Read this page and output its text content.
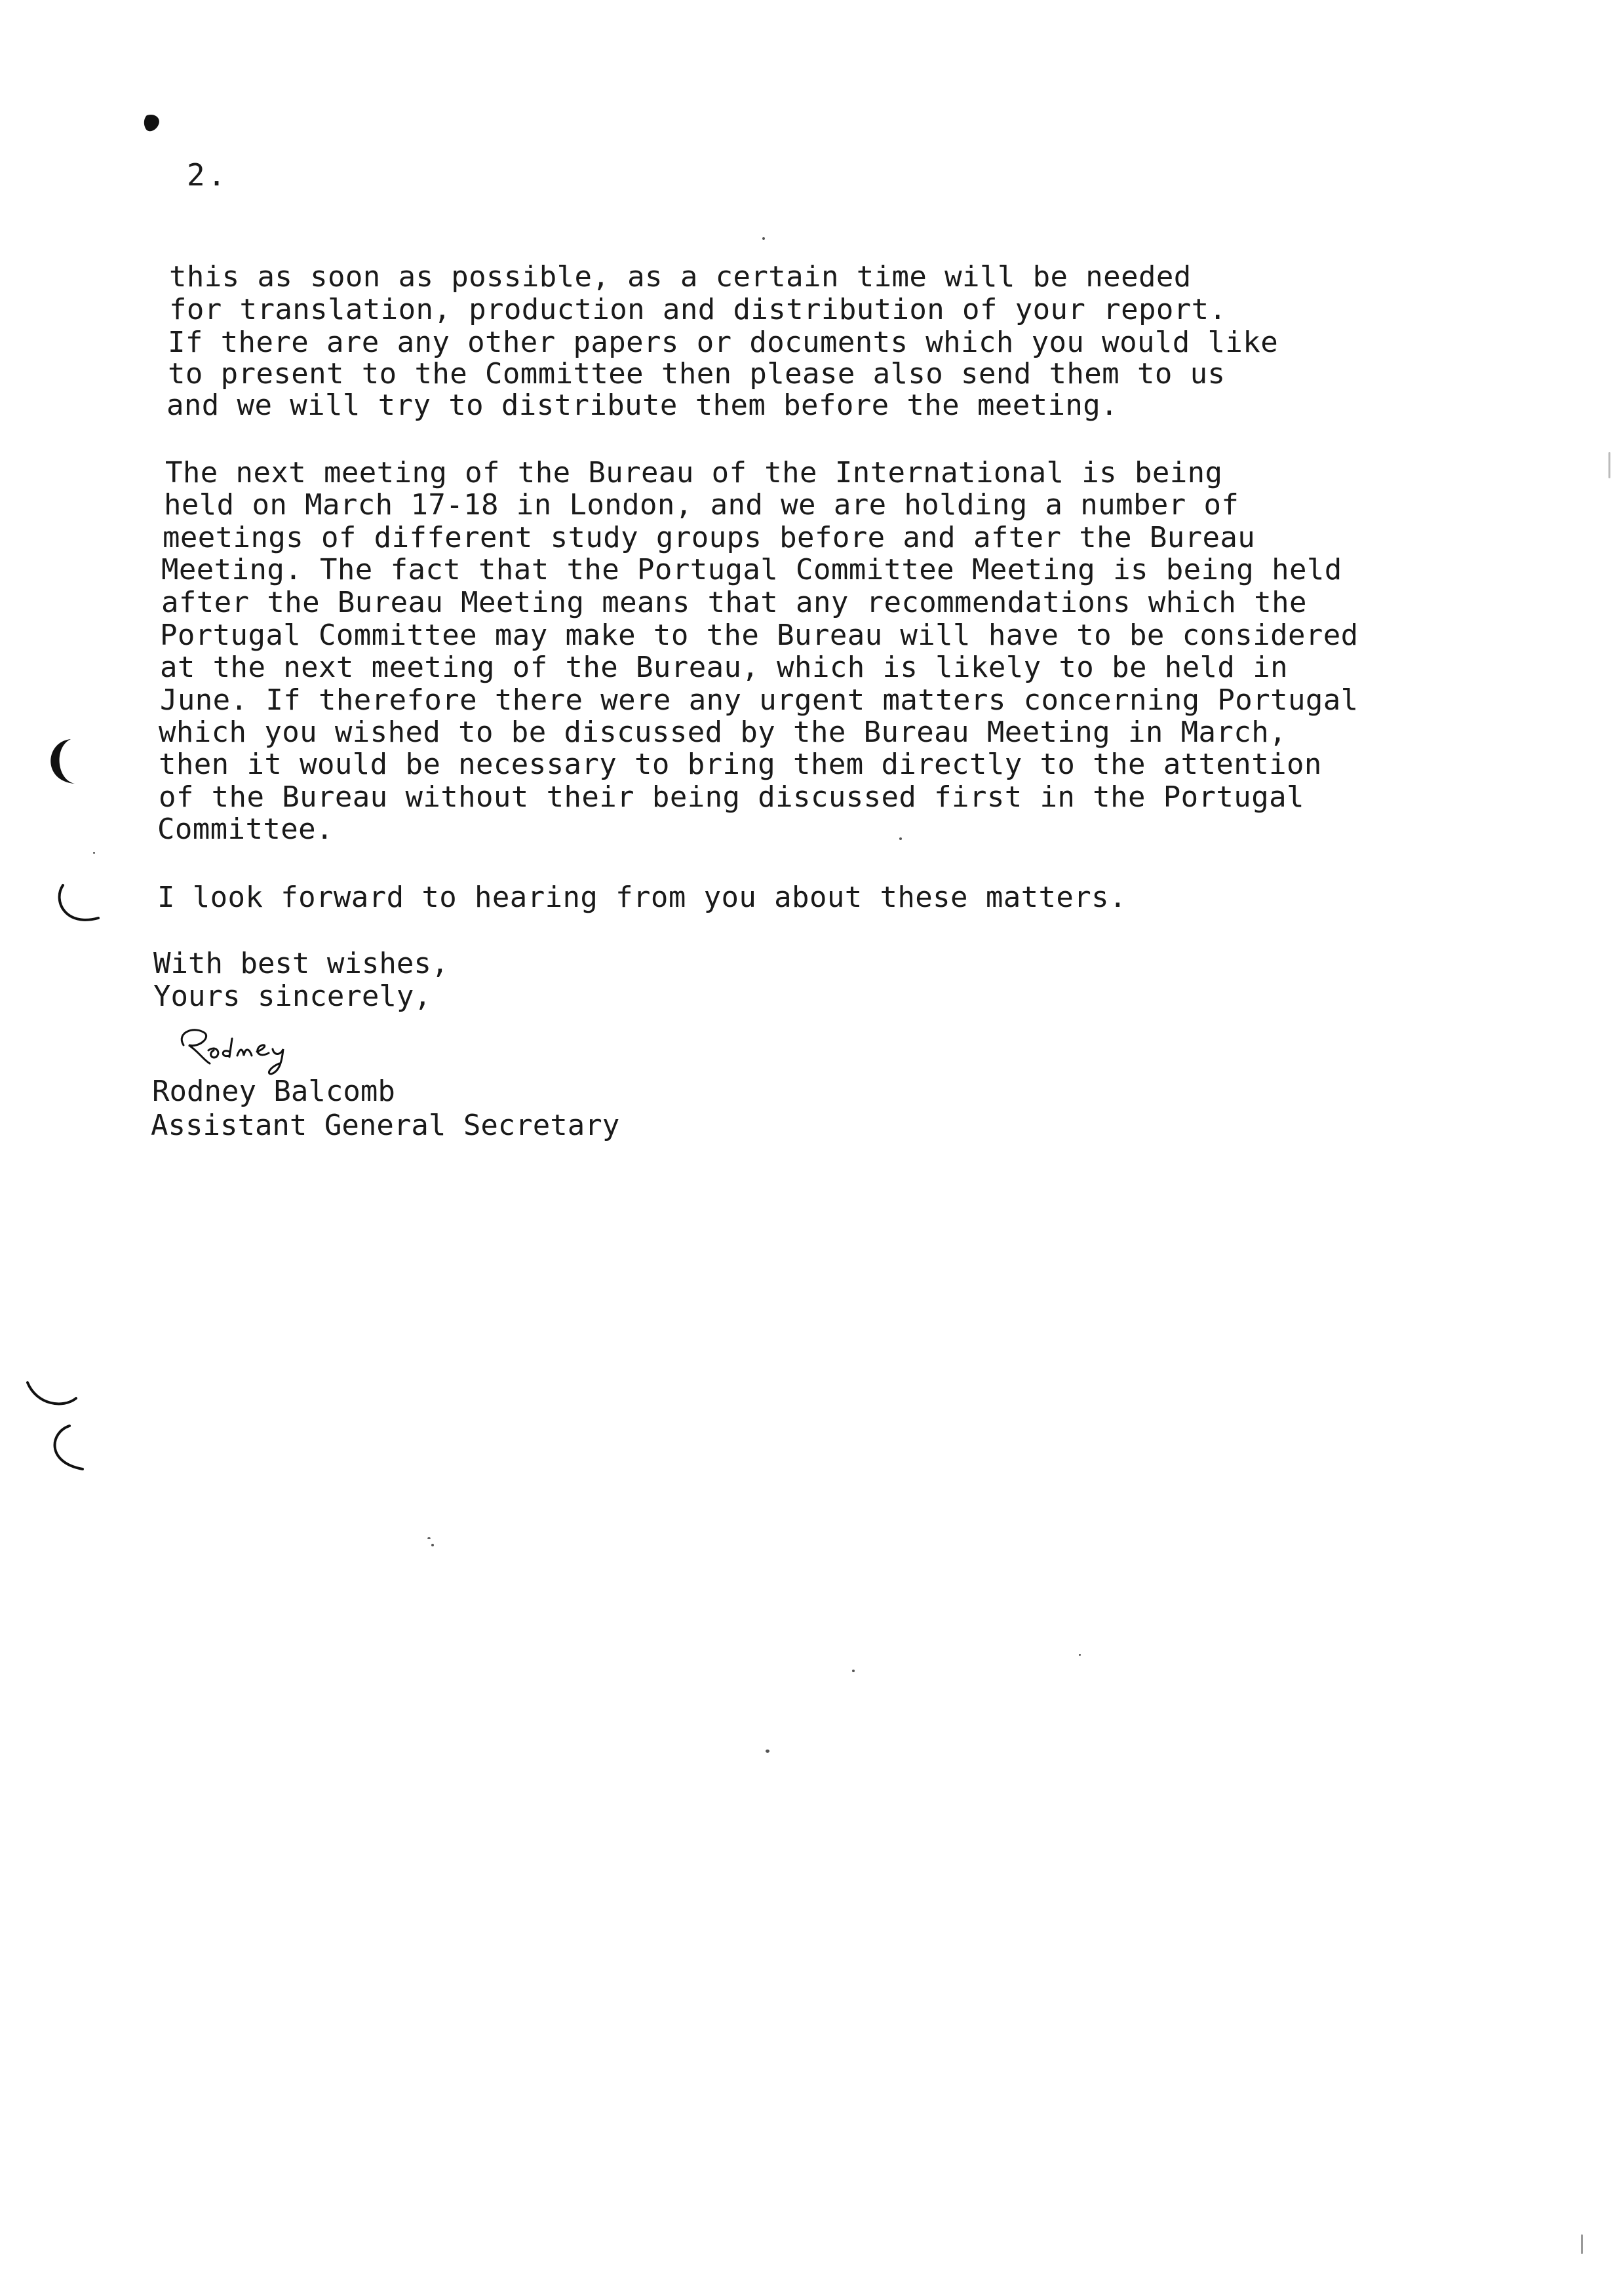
2.
this as soon as possible, as a certain time will be needed
for translation, production and distribution of your report.
If there are any other papers or documents which you would like
to present to the Committee then please also send them to us
and we will try to distribute them before the meeting.
The next meeting of the Bureau of the International is being
held on March 17-18 in London, and we are holding a number of
meetings of different study groups before and after the Bureau
Meeting. The fact that the Portugal Committee Meeting is being held
after the Bureau Meeting means that any recommendations which the
Portugal Committee may make to the Bureau will have to be considered
at the next meeting of the Bureau, which is likely to be held in
June. If therefore there were any urgent matters concerning Portugal
which you wished to be discussed by the Bureau Meeting in March,
then it would be necessary to bring them directly to the attention
of the Bureau without their being discussed first in the Portugal
Committee.
I look forward to hearing from you about these matters.
With best wishes,
Yours sincerely,
Rodney Balcomb
Assistant General Secretary
